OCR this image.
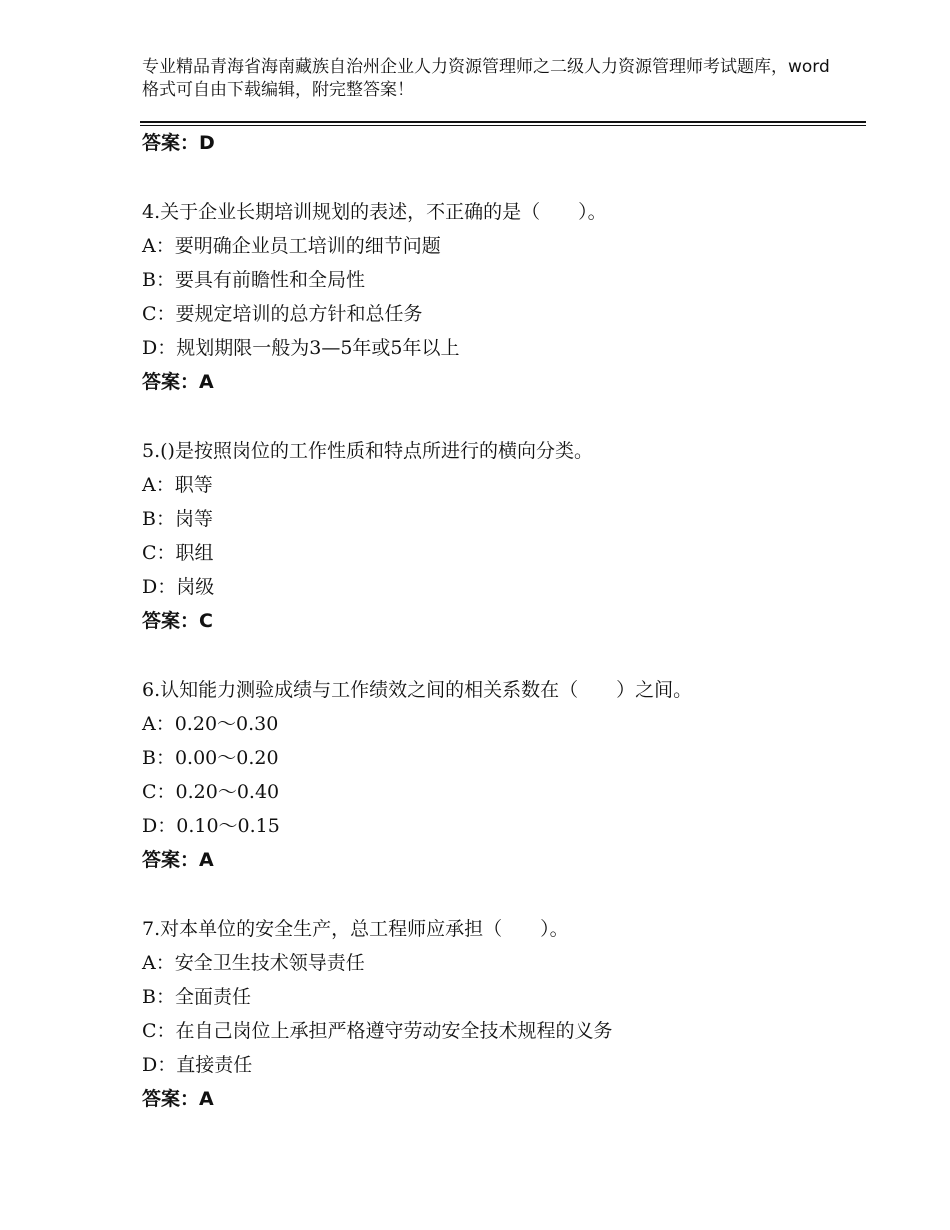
专业精品青海省海南藏族自治州企业人力资源管理师之二级人力资源管理师考试题库，word格式可自由下载编辑，附完整答案！
答案：D
4.关于企业长期培训规划的表述，不正确的是（　　）。
A：要明确企业员工培训的细节问题
B：要具有前瞻性和全局性
C：要规定培训的总方针和总任务
D：规划期限一般为3—5年或5年以上
答案：A
5.()是按照岗位的工作性质和特点所进行的横向分类。
A：职等
B：岗等
C：职组
D：岗级
答案：C
6.认知能力测验成绩与工作绩效之间的相关系数在（　　）之间。
A：0.20～0.30
B：0.00～0.20
C：0.20～0.40
D：0.10～0.15
答案：A
7.对本单位的安全生产，总工程师应承担（　　）。
A：安全卫生技术领导责任
B：全面责任
C：在自己岗位上承担严格遵守劳动安全技术规程的义务
D：直接责任
答案：A
